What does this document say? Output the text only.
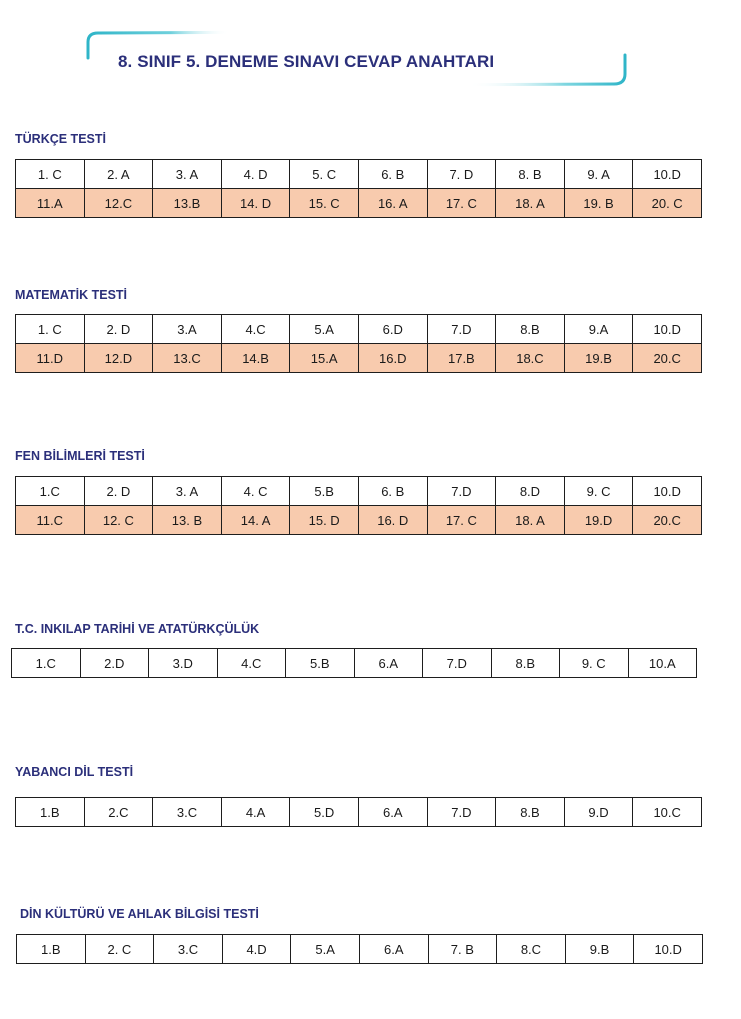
8. SINIF 5. DENEME SINAVI CEVAP ANAHTARI
TÜRKÇE TESTİ
1. C	2. A	3. A	4. D	5. C	6. B	7. D	8. B	9. A	10.D
11.A	12.C	13.B	14. D	15. C	16. A	17. C	18. A	19. B	20. C
MATEMATİK TESTİ
1. C	2. D	3.A	4.C	5.A	6.D	7.D	8.B	9.A	10.D
11.D	12.D	13.C	14.B	15.A	16.D	17.B	18.C	19.B	20.C
FEN BİLİMLERİ TESTİ
1.C	2. D	3. A	4. C	5.B	6. B	7.D	8.D	9. C	10.D
11.C	12. C	13. B	14. A	15. D	16. D	17. C	18. A	19.D	20.C
T.C. INKILAP TARİHİ VE ATATÜRKÇÜLÜK
1.C	2.D	3.D	4.C	5.B	6.A	7.D	8.B	9. C	10.A
YABANCI DİL TESTİ
1.B	2.C	3.C	4.A	5.D	6.A	7.D	8.B	9.D	10.C
DİN KÜLTÜRÜ VE AHLAK BİLGİSİ TESTİ
1.B	2. C	3.C	4.D	5.A	6.A	7. B	8.C	9.B	10.D
